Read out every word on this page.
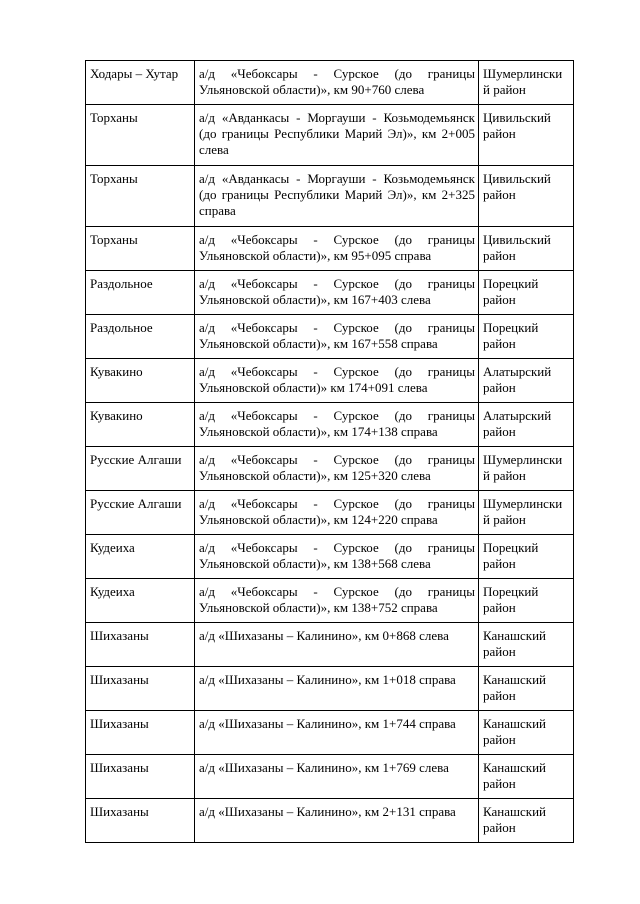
Ходары – Хутар	а/д «Чебоксары - Сурское (до границы Ульяновской области)», км 90+760 слева	Шумерлински й район
Торханы	а/д «Авданкасы - Моргауши - Козьмодемьянск (до границы Республики Марий Эл)», км 2+005 слева	Цивильский район
Торханы	а/д «Авданкасы - Моргауши - Козьмодемьянск (до границы Республики Марий Эл)», км 2+325 справа	Цивильский район
Торханы	а/д «Чебоксары - Сурское (до границы Ульяновской области)», км 95+095 справа	Цивильский район
Раздольное	а/д «Чебоксары - Сурское (до границы Ульяновской области)», км 167+403 слева	Порецкий район
Раздольное	а/д «Чебоксары - Сурское (до границы Ульяновской области)», км 167+558 справа	Порецкий район
Кувакино	а/д «Чебоксары - Сурское (до границы Ульяновской области)» км 174+091 слева	Алатырский район
Кувакино	а/д «Чебоксары - Сурское (до границы Ульяновской области)», км 174+138 справа	Алатырский район
Русские Алгаши	а/д «Чебоксары - Сурское (до границы Ульяновской области)», км 125+320 слева	Шумерлински й район
Русские Алгаши	а/д «Чебоксары - Сурское (до границы Ульяновской области)», км 124+220 справа	Шумерлински й район
Кудеиха	а/д «Чебоксары - Сурское (до границы Ульяновской области)», км 138+568 слева	Порецкий район
Кудеиха	а/д «Чебоксары - Сурское (до границы Ульяновской области)», км 138+752 справа	Порецкий район
Шихазаны	а/д «Шихазаны – Калинино», км 0+868 слева	Канашский район
Шихазаны	а/д «Шихазаны – Калинино», км 1+018 справа	Канашский район
Шихазаны	а/д «Шихазаны – Калинино», км 1+744 справа	Канашский район
Шихазаны	а/д «Шихазаны – Калинино», км 1+769 слева	Канашский район
Шихазаны	а/д «Шихазаны – Калинино», км 2+131 справа	Канашский район
